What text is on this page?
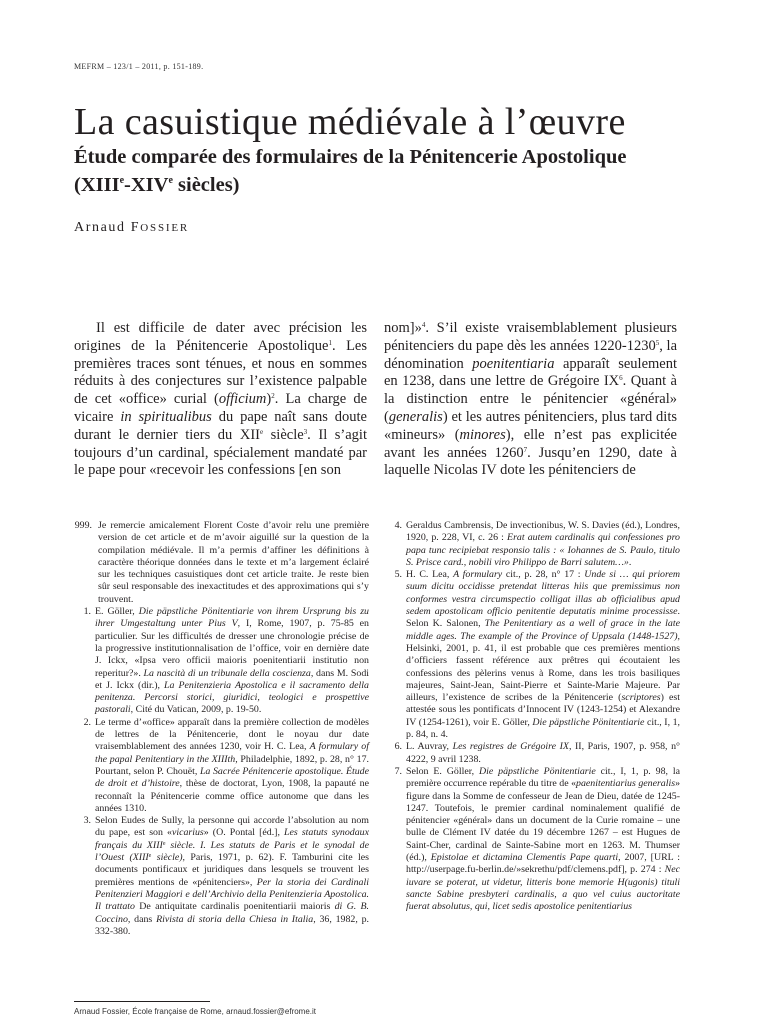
MEFRM – 123/1 – 2011, p. 151-189.
La casuistique médiévale à l’œuvre
Étude comparée des formulaires de la Pénitencerie Apostolique
(XIIIe-XIVe siècles)
Arnaud FOSSIER

Il est difficile de dater avec précision les origines de la Pénitencerie Apostolique$^1$. Les premières traces sont ténues, et nous en sommes réduits à des conjectures sur l’existence palpable de cet «office» curial (officium)$^2$. La charge de vicaire in spiritualibus du pape naît sans doute durant le dernier tiers du XIIe siècle$^3$. Il s’agit toujours d’un cardinal, spécialement mandaté par le pape pour «recevoir les confessions [en son

nom]»$^4$. S’il existe vraisemblablement plusieurs pénitenciers du pape dès les années 1220-1230$^5$, la dénomination poenitentiaria apparaît seulement en 1238, dans une lettre de Grégoire $IX^6$. Quant à la distinction entre le pénitencier «général» (generalis) et les autres pénitenciers, plus tard dits «mineurs» (minores), elle n’est pas explicitée avant les années 1260$^7$. Jusqu’en 1290, date à laquelle Nicolas IV dote les pénitenciers de

999. Je remercie amicalement Florent Coste d’avoir relu une première version de cet article et de m’avoir aiguillé sur la question de la compilation médiévale. Il m’a permis d’affiner les définitions à caractère théorique données dans le texte et m’a largement éclairé sur les techniques casuistiques dont cet article traite. Je reste bien sûr seul responsable des inexactitudes et des approximations qui s’y trouvent.

1. E. Göller, Die päpstliche Pönitentiarie von ihrem Ursprung bis zu ihrer Umgestaltung unter Pius V, I, Rome, 1907, p. 75-85 en particulier. Sur les difficultés de dresser une chronologie précise de la progressive institutionnalisation de l’office, voir en dernière date J. Ickx, «Ipsa vero officii maioris poenitentiarii institutio non reperitur?». La nascità di un tribunale della coscienza, dans M. Sodi et J. Ickx (dir.), La Penitenzieria Apostolica e il sacramento della penitenza. Percorsi storici, giuridici, teologici e prospettive pastorali, Cité du Vatican, 2009, p. 19-50.

2. Le terme d’«office» apparaît dans la première collection de modèles de lettres de la Pénitencerie, dont le noyau dur date vraisemblablement des années 1230, voir H. C. Lea, A formulary of the papal Penitentiary in the XIIIth, Philadelphie, 1892, p. 28, n° 17. Pourtant, selon P. Chouët, La Sacrée Pénitencerie apostolique. Étude de droit et d’histoire, thèse de doctorat, Lyon, 1908, la papauté ne reconnaît la Pénitencerie comme office autonome que dans les années 1310.

3. Selon Eudes de Sully, la personne qui accorde l’absolution au nom du pape, est son «vicarius» (O. Pontal [éd.], Les statuts synodaux français du XIIIe siècle. I. Les statuts de Paris et le synodal de l’Ouest (XIIIe siècle), Paris, 1971, p. 62). F. Tamburini cite les documents pontificaux et juridiques dans lesquels se trouvent les premières mentions de «pénitenciers», Per la storia dei Cardinali Penitenzieri Maggiori e dell’Archivio della Penitenzieria Apostolica. Il trattato De antiquitate cardinalis poenitentiarii maioris di G. B. Coccino, dans Rivista di storia della Chiesa in Italia, 36, 1982, p. 332-380.

4. Geraldus Cambrensis, De invectionibus, W. S. Davies (éd.), Londres, 1920, p. 228, VI, c. 26 : Erat autem cardinalis qui confessiones pro papa tunc recipiebat responsio talis : « Iohannes de S. Paulo, titulo S. Prisce card., nobili viro Philippo de Barri salutem…».

5. H. C. Lea, A formulary cit., p. 28, n° 17 : Unde si … qui priorem suum dicitu occidisse pretendat litteras hiis que premissimus non conformes vestra circumspectio colligat illas ab officialibus apud sedem apostolicam officio penitentie deputatis minime processisse. Selon K. Salonen, The Penitentiary as a well of grace in the late middle ages. The example of the Province of Uppsala (1448-1527), Helsinki, 2001, p. 41, il est probable que ces premières mentions d’officiers fassent référence aux prêtres qui écoutaient les confessions des pèlerins venus à Rome, dans les trois basiliques majeures, Saint-Jean, Saint-Pierre et Sainte-Marie Majeure. Par ailleurs, l’existence de scribes de la Pénitencerie (scriptores) est attestée sous les pontificats d’Innocent IV (1243-1254) et Alexandre IV (1254-1261), voir E. Göller, Die päpstliche Pönitentiarie cit., I, 1, p. 84, n. 4.

6. L. Auvray, Les registres de Grégoire IX, II, Paris, 1907, p. 958, n° 4222, 9 avril 1238.

7. Selon E. Göller, Die päpstliche Pönitentiarie cit., I, 1, p. 98, la première occurrence repérable du titre de «paenitentiarius generalis» figure dans la Somme de confesseur de Jean de Dieu, datée de 1245-1247. Toutefois, le premier cardinal nominalement qualifié de pénitencier «général» dans un document de la Curie romaine – une bulle de Clément IV datée du 19 décembre 1267 – est Hugues de Saint-Cher, cardinal de Sainte-Sabine mort en 1263. M. Thumser (éd.), Epistolae et dictamina Clementis Pape quarti, 2007, [URL : http://userpage.fu-berlin.de/»sekrethu/pdf/clemens.pdf], p. 274 : Nec iuvare se poterat, ut videtur, litteris bone memorie H(ugonis) tituli sancte Sabine presbyteri cardinalis, a quo vel cuius auctoritate fuerat absolutus, qui, licet sedis apostolice penitentiarius

Arnaud Fossier, École française de Rome, arnaud.fossier@efrome.it
